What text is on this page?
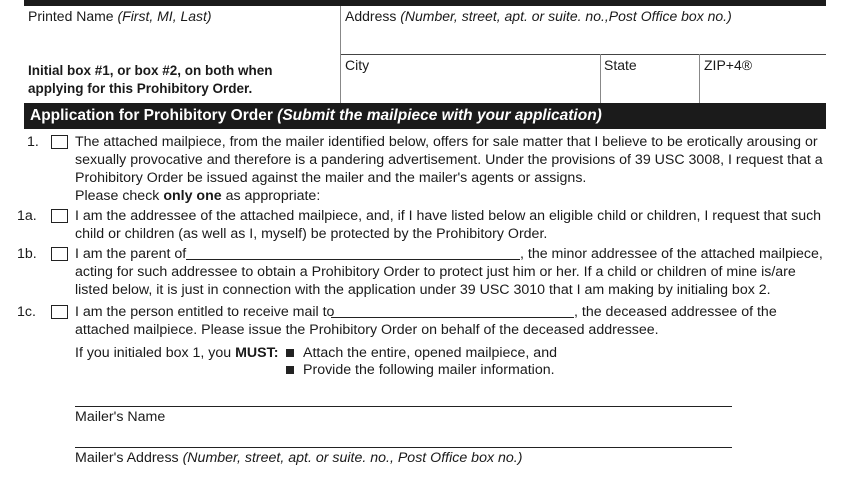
Printed Name (First, MI, Last)	Address (Number, street, apt. or suite. no.,Post Office box no.)
Initial box #1, or box #2, on both when
applying for this Prohibitory Order.
City	State	ZIP+4®
Application for Prohibitory Order (Submit the mailpiece with your application)
1.	The attached mailpiece, from the mailer identified below, offers for sale matter that I believe to be erotically arousing or
sexually provocative and therefore is a pandering advertisement. Under the provisions of 39 USC 3008, I request that a
Prohibitory Order be issued against the mailer and the mailer's agents or assigns.
Please check only one as appropriate:
1a.	I am the addressee of the attached mailpiece, and, if I have listed below an eligible child or children, I request that such
child or children (as well as I, myself) be protected by the Prohibitory Order.
1b.	I am the parent of	, the minor addressee of the attached mailpiece,
acting for such addressee to obtain a Prohibitory Order to protect just him or her. If a child or children of mine is/are
listed below, it is just in connection with the application under 39 USC 3010 that I am making by initialing box 2.
1c.	I am the person entitled to receive mail to	, the deceased addressee of the
attached mailpiece. Please issue the Prohibitory Order on behalf of the deceased addressee.
If you initialed box 1, you MUST: Attach the entire, opened mailpiece, and
Provide the following mailer information.
Mailer's Name
Mailer's Address (Number, street, apt. or suite. no., Post Office box no.)
